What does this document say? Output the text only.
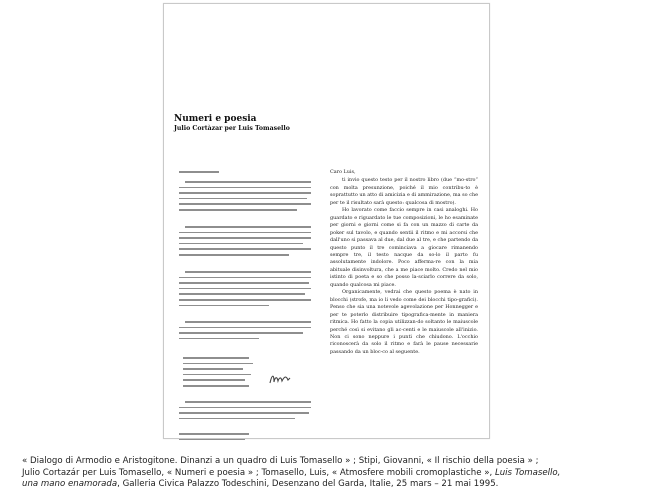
Numeri e poesia
Julio Cortàzar per Luis Tomasello

Caro Luis,

ti invio questo testo per il nostro libro (due “mo-stro” con molta presunzione, poiché il mio contribu-to è soprattutto un atto di amicizia e di ammirazione, ma so che per te il risultato sarà questo: qualcosa di mostro).

Ho lavorato come faccio sempre in casi analoghi. Ho guardato e riguardato le tue composizioni, le ho esaminate per giorni e giorni come si fa con un mazzo di carte da poker sul tavolo, e quando sentii il ritmo e mi accorsi che dall'uno si passava al due, dal due al tre, e che partendo da questo punto il tre cominciava a giocare rimanendo sempre tre, il testo nacque da so-lo il parto fu assolutamente indolore. Poco afferma-re con la mia abituale disinvoltura, che a me piace molto. Credo nel mio istinto di poeta e so che posso la-sciarlo correre da solo, quando qualcosa mi piace.

Organicamente, vedrai che questo poema è nato in blocchi (strofe, ma io li vedo come dei blocchi tipo-grafici). Penso che sia una notevole agevolazione per Honnegger e per te poterlo distribuire tipografica-mente in maniera ritmica. Ho fatto la copia utilizzan-do soltanto le maiuscole perché così si evitano gli ac-centi e le maiuscole all'inizio. Non ci sono neppure i punti che chiudono. L'occhio riconoscerà da solo il ritmo e farà le pause necessarie passando da un bloc-co al seguente.

« Dialogo di Armodio e Aristogitone. Dinanzi a un quadro di Luis Tomasello » ; Stipi, Giovanni, « Il rischio della poesia » ;
Julio Cortazár per Luis Tomasello, « Numeri e poesia » ; Tomasello, Luis, « Atmosfere mobili cromoplastiche », Luis Tomasello,
una mano enamorada, Galleria Civica Palazzo Todeschini, Desenzano del Garda, Italie, 25 mars – 21 mai 1995.
